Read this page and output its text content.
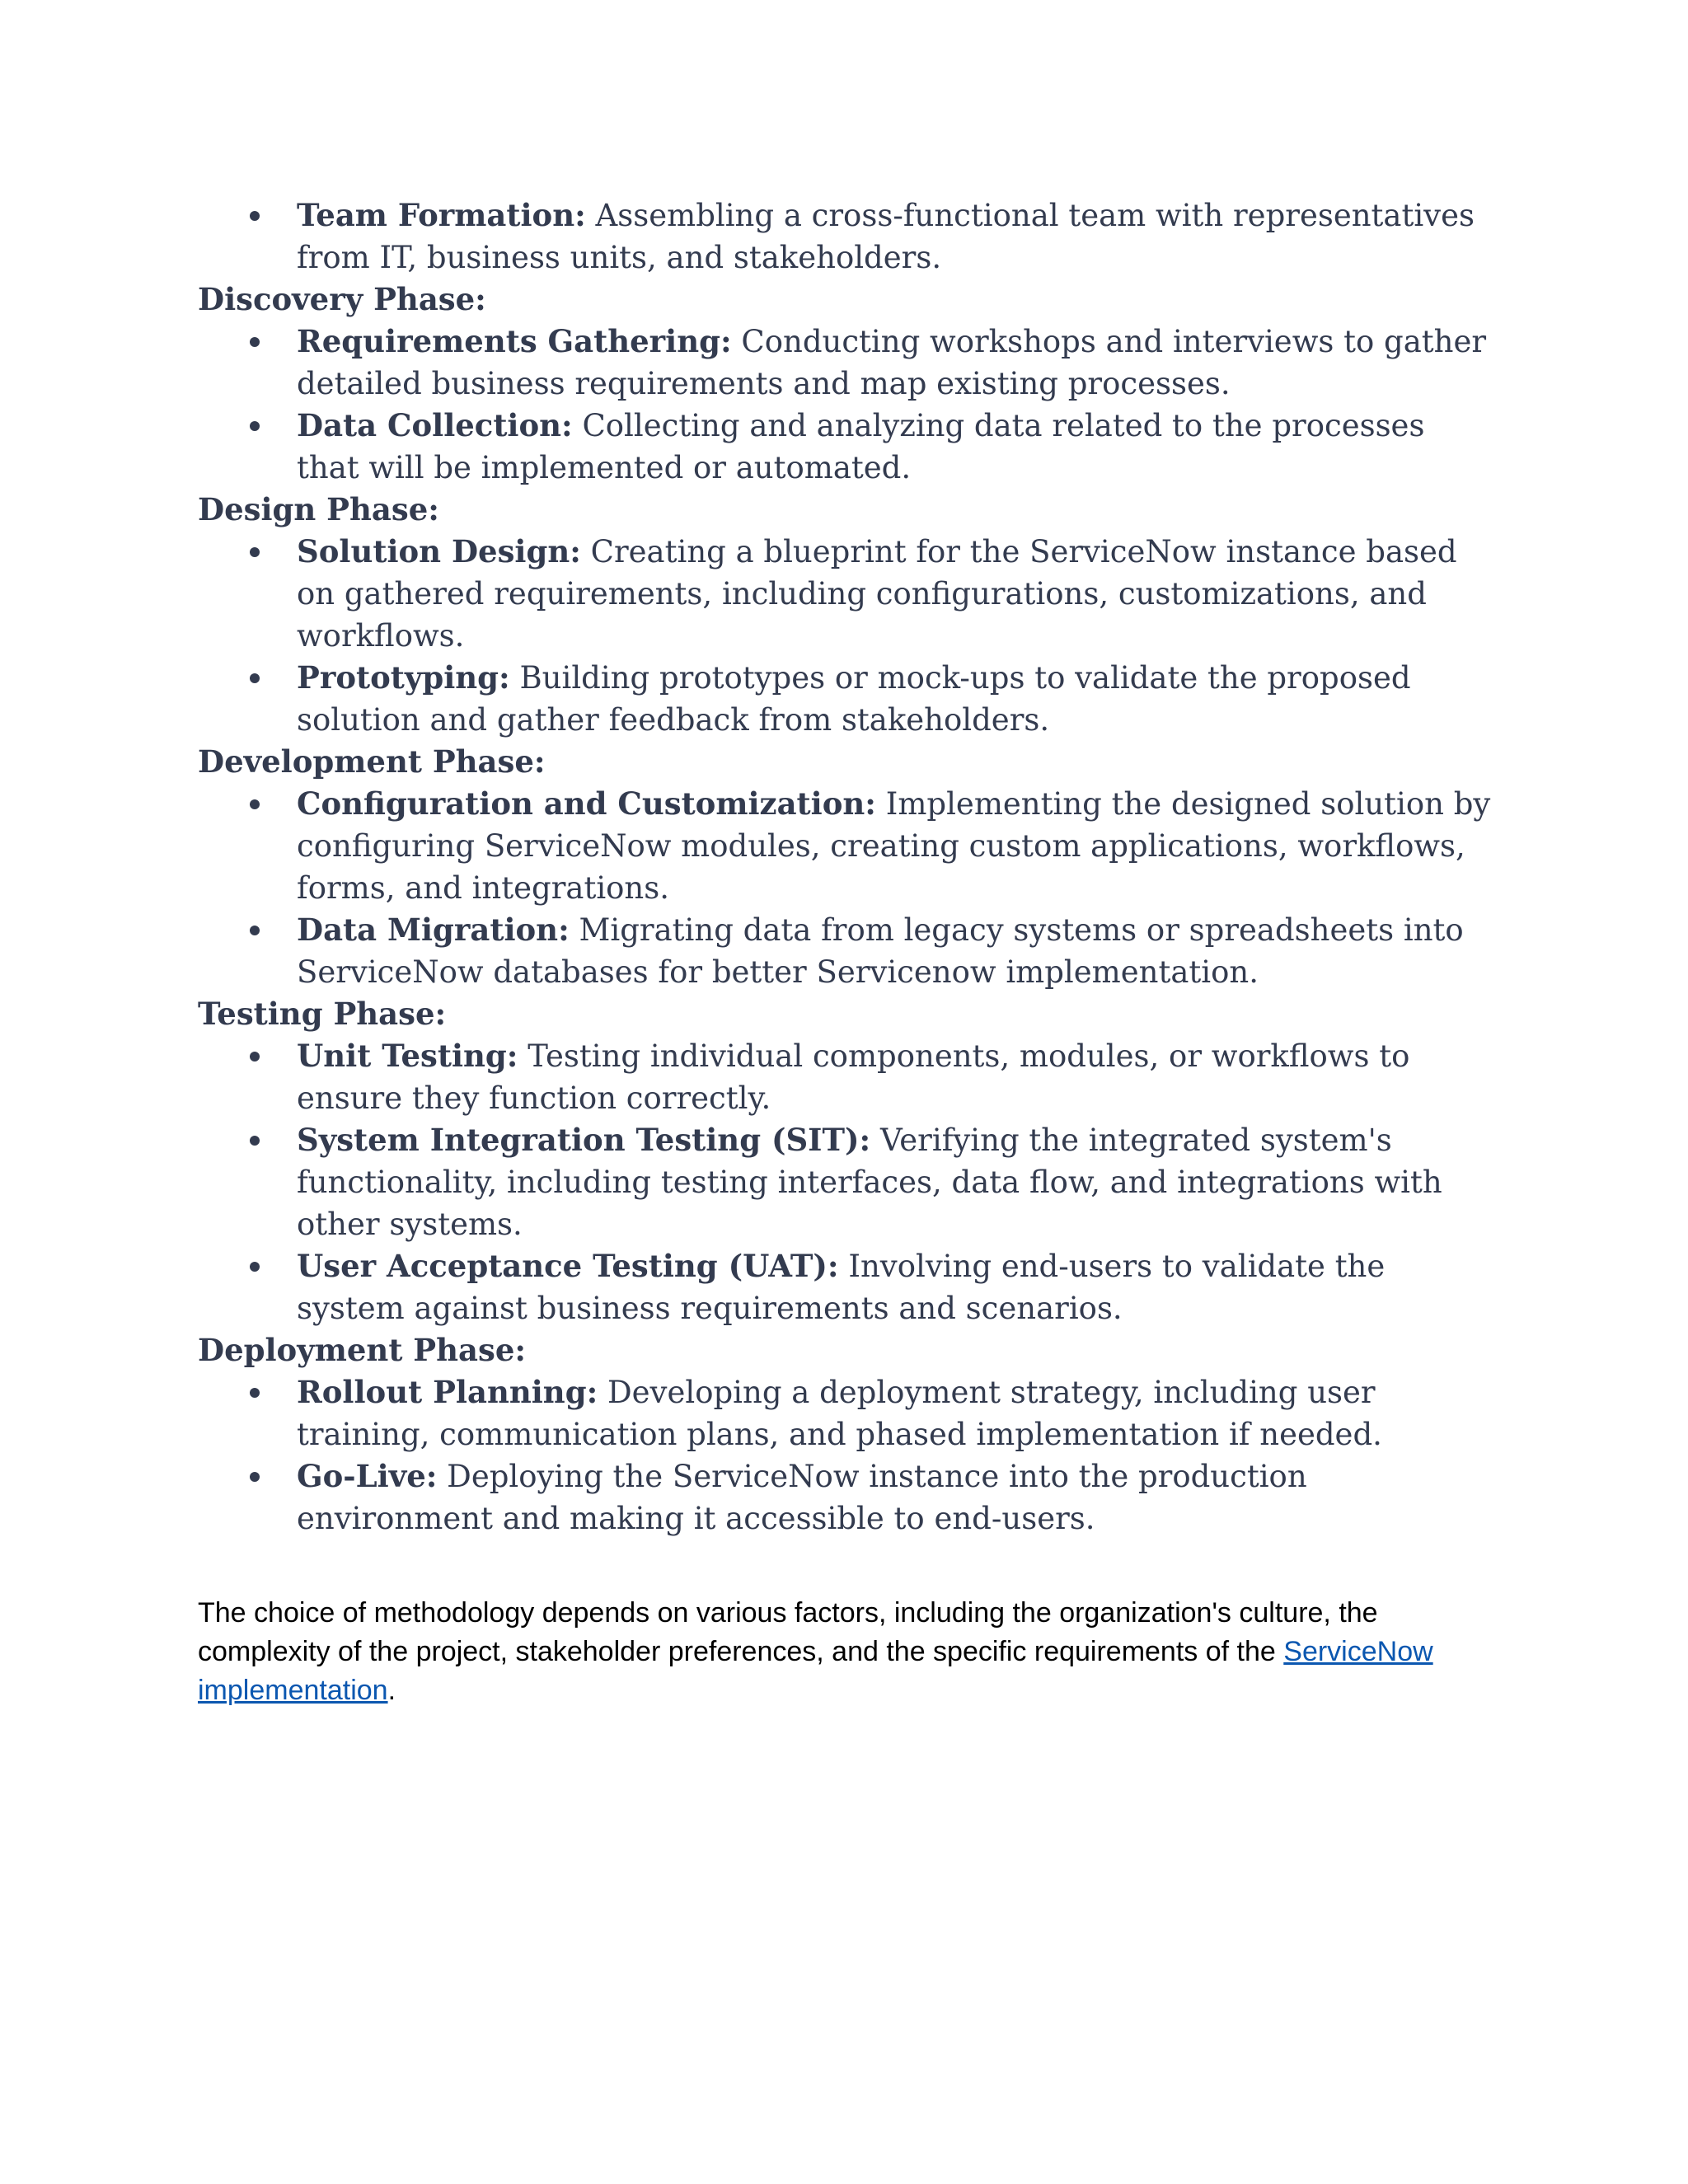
Team Formation: Assembling a cross-functional team with representatives from IT, business units, and stakeholders.
Discovery Phase:
Requirements Gathering: Conducting workshops and interviews to gather detailed business requirements and map existing processes.
Data Collection: Collecting and analyzing data related to the processes that will be implemented or automated.
Design Phase:
Solution Design: Creating a blueprint for the ServiceNow instance based on gathered requirements, including configurations, customizations, and workflows.
Prototyping: Building prototypes or mock-ups to validate the proposed solution and gather feedback from stakeholders.
Development Phase:
Configuration and Customization: Implementing the designed solution by configuring ServiceNow modules, creating custom applications, workflows, forms, and integrations.
Data Migration: Migrating data from legacy systems or spreadsheets into ServiceNow databases for better Servicenow implementation.
Testing Phase:
Unit Testing: Testing individual components, modules, or workflows to ensure they function correctly.
System Integration Testing (SIT): Verifying the integrated system's functionality, including testing interfaces, data flow, and integrations with other systems.
User Acceptance Testing (UAT): Involving end-users to validate the system against business requirements and scenarios.
Deployment Phase:
Rollout Planning: Developing a deployment strategy, including user training, communication plans, and phased implementation if needed.
Go-Live: Deploying the ServiceNow instance into the production environment and making it accessible to end-users.

The choice of methodology depends on various factors, including the organization's culture, the complexity of the project, stakeholder preferences, and the specific requirements of the ServiceNow implementation.
